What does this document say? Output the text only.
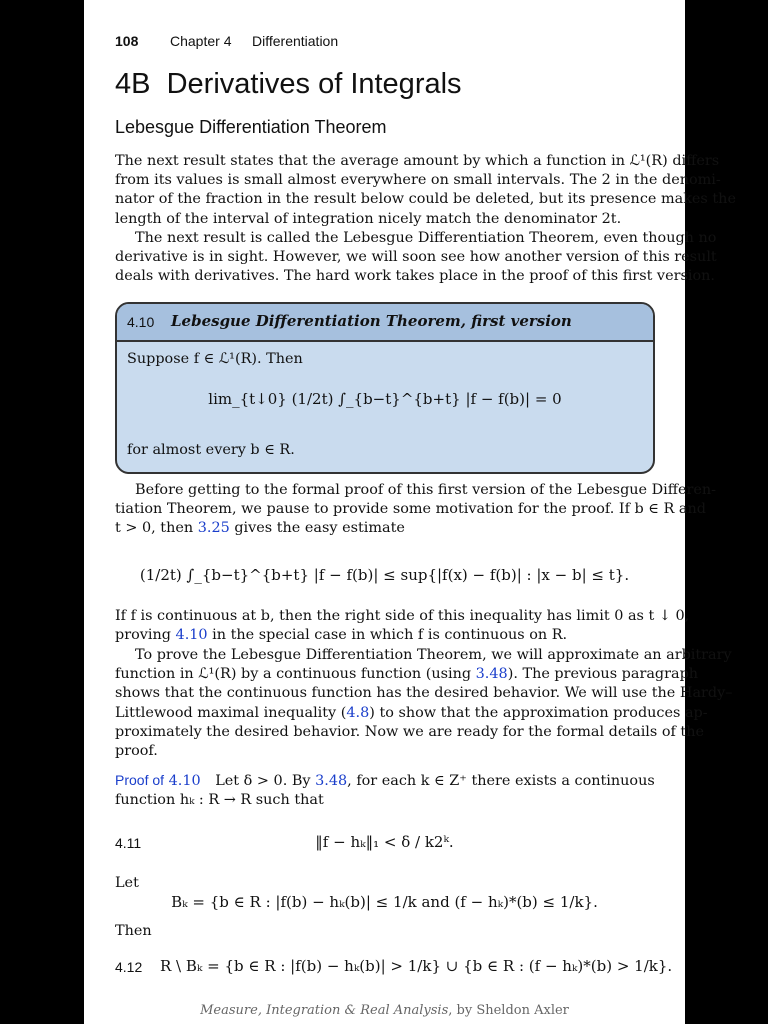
108 Chapter 4 Differentiation
4B  Derivatives of Integrals
Lebesgue Differentiation Theorem
The next result states that the average amount by which a function in ℒ¹(R) differs
from its values is small almost everywhere on small intervals. The 2 in the denomi-
nator of the fraction in the result below could be deleted, but its presence makes the
length of the interval of integration nicely match the denominator 2t.
The next result is called the Lebesgue Differentiation Theorem, even though no
derivative is in sight. However, we will soon see how another version of this result
deals with derivatives. The hard work takes place in the proof of this first version.
4.10 Lebesgue Differentiation Theorem, first version
Suppose f ∈ ℒ¹(R). Then
lim_{t↓0} (1/2t) ∫_{b−t}^{b+t} |f − f(b)| = 0
for almost every b ∈ R.
Before getting to the formal proof of this first version of the Lebesgue Differen-
tiation Theorem, we pause to provide some motivation for the proof. If b ∈ R and
t > 0, then 3.25 gives the easy estimate
(1/2t) ∫_{b−t}^{b+t} |f − f(b)| ≤ sup{|f(x) − f(b)| : |x − b| ≤ t}.
If f is continuous at b, then the right side of this inequality has limit 0 as t ↓ 0,
proving 4.10 in the special case in which f is continuous on R.
To prove the Lebesgue Differentiation Theorem, we will approximate an arbitrary
function in ℒ¹(R) by a continuous function (using 3.48). The previous paragraph
shows that the continuous function has the desired behavior. We will use the Hardy–
Littlewood maximal inequality (4.8) to show that the approximation produces ap-
proximately the desired behavior. Now we are ready for the formal details of the
proof.
Proof of 4.10 Let δ > 0. By 3.48, for each k ∈ Z⁺ there exists a continuous
function hₖ : R → R such that
4.11	‖f − hₖ‖₁ < δ / k2ᵏ.
Let
Bₖ = {b ∈ R : |f(b) − hₖ(b)| ≤ 1/k and (f − hₖ)*(b) ≤ 1/k}.
Then
4.12 R \ Bₖ = {b ∈ R : |f(b) − hₖ(b)| > 1/k} ∪ {b ∈ R : (f − hₖ)*(b) > 1/k}.
Measure, Integration & Real Analysis, by Sheldon Axler
